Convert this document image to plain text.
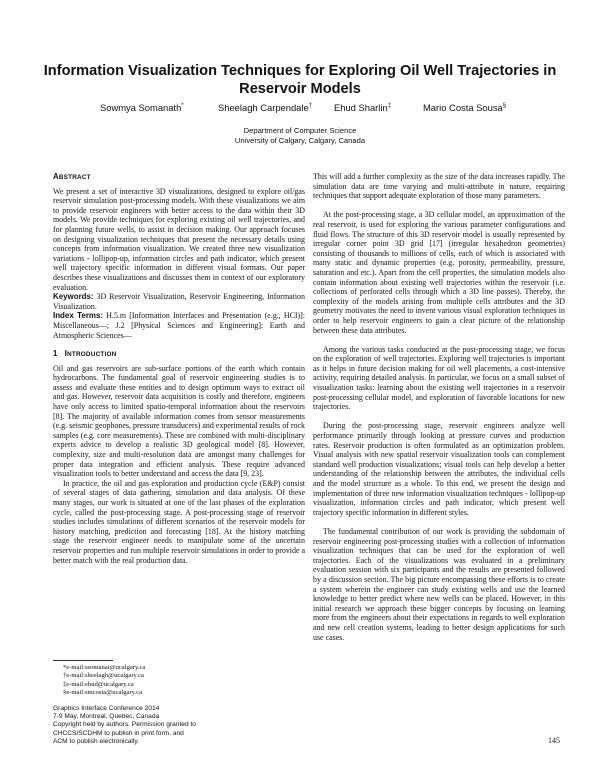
Information Visualization Techniques for Exploring Oil Well Trajectories in Reservoir Models
Sowmya Somanath*	Sheelagh Carpendale† Ehud Sharlin‡	Mario Costa Sousa§
Department of Computer Science
University of Calgary, Calgary, Canada
ABSTRACT

We present a set of interactive 3D visualizations, designed to explore oil/gas reservoir simulation post-processing models. With these visualizations we aim to provide reservoir engineers with better access to the data within their 3D models. We provide techniques for exploring existing oil well trajectories, and for planning future wells, to assist in decision making. Our approach focuses on designing visualization techniques that present the necessary details using concepts from information visualization. We created three new visualization variations - lollipop-up, information circles and path indicator, which present well trajectory specific information in different visual formats. Our paper describes these visualizations and discusses them in context of our exploratory evaluation.

Keywords: 3D Reservoir Visualization, Reservoir Engineering, Information Visualization.

Index Terms: H.5.m [Information Interfaces and Presentation (e.g., HCI)]: Miscellaneous—; J.2 [Physical Sciences and Engineering]: Earth and Atmospheric Sciences—

1 INTRODUCTION

Oil and gas reservoirs are sub-surface portions of the earth which contain hydrocarbons. The fundamental goal of reservoir engineering studies is to assess and evaluate these entities and to design optimum ways to extract oil and gas. However, reservoir data acquisition is costly and therefore, engineers have only access to limited spatio-temporal information about the reservoirs [8]. The majority of available information comes from sensor measurements (e.g. seismic geophones, pressure transducers) and experimental results of rock samples (e.g. core measurements). These are combined with multi-disciplinary experts advice to develop a realistic 3D geological model [8]. However, complexity, size and multi-resolution data are amongst many challenges for proper data integration and efficient analysis. These require advanced visualization tools to better understand and access the data [9, 23].

In practice, the oil and gas exploration and production cycle (E&P) consist of several stages of data gathering, simulation and data analysis. Of these many stages, our work is situated at one of the last phases of the exploration cycle, called the post-processing stage. A post-processing stage of reservoir studies includes simulations of different scenarios of the reservoir models for history matching, prediction and forecasting [18]. At the history matching stage the reservoir engineer needs to manipulate some of the uncertain reservoir properties and run multiple reservoir simulations in order to provide a better match with the real production data.

*e-mail:ssomanat@ucalgary.ca
†e-mail:sheelagh@ucalgary.ca
‡e-mail:ehud@ucalgary.ca
§e-mail:smcosta@ucalgary.ca
Graphics Interface Conference 2014
7-9 May, Montreal, Quebec, Canada
Copyright held by authors. Permission granted to
CHCCS/SCDHM to publish in print form, and
ACM to publish electronically.

This will add a further complexity as the size of the data increases rapidly. The simulation data are time varying and multi-attribute in nature, requiring techniques that support adequate exploration of those many parameters.

At the post-processing stage, a 3D cellular model, an approximation of the real reservoir, is used for exploring the various parameter configurations and fluid flows. The structure of this 3D reservoir model is usually represented by irregular corner point 3D grid [17] (irregular hexahedron geometries) consisting of thousands to millions of cells, each of which is associated with many static and dynamic properties (e.g. porosity, permeability, pressure, saturation and etc.). Apart from the cell properties, the simulation models also contain information about existing well trajectories within the reservoir (i.e. collections of perforated cells through which a 3D line passes). Thereby, the complexity of the models arising from multiple cells attributes and the 3D geometry motivates the need to invent various visual exploration techniques in order to help reservoir engineers to gain a clear picture of the relationship between these data attributes.

Among the various tasks conducted at the post-processing stage, we focus on the exploration of well trajectories. Exploring well trajectories is important as it helps in future decision making for oil well placements, a cost-intensive activity, requiring detailed analysis. In particular, we focus on a small subset of visualization tasks: learning about the existing well trajectories in a reservoir post-processing cellular model, and exploration of favorable locations for new trajectories.

During the post-processing stage, reservoir engineers analyze well performance primarily through looking at pressure curves and production rates. Reservoir production is often formulated as an optimization problem. Visual analysis with new spatial reservoir visualization tools can complement standard well production visualizations; visual tools can help develop a better understanding of the relationship between the attributes, the individual cells and the model structure as a whole. To this end, we present the design and implementation of three new information visualization techniques - lollipop-up visualization, information circles and path indicator, which present well trajectory specific information in different styles.

The fundamental contribution of our work is providing the subdomain of reservoir engineering post-processing studies with a collection of information visualization techniques that can be used for the exploration of well trajectories. Each of the visualizations was evaluated in a preliminary evaluation session with six participants and the results are presented followed by a discussion section. The big picture encompassing these efforts is to create a system wherein the engineer can study existing wells and use the learned knowledge to better predict where new wells can be placed. However, in this initial research we approach these bigger concepts by focusing on learning more from the engineers about their expectations in regards to well exploration and new cell creation systems, leading to better design applications for such use cases.

145
